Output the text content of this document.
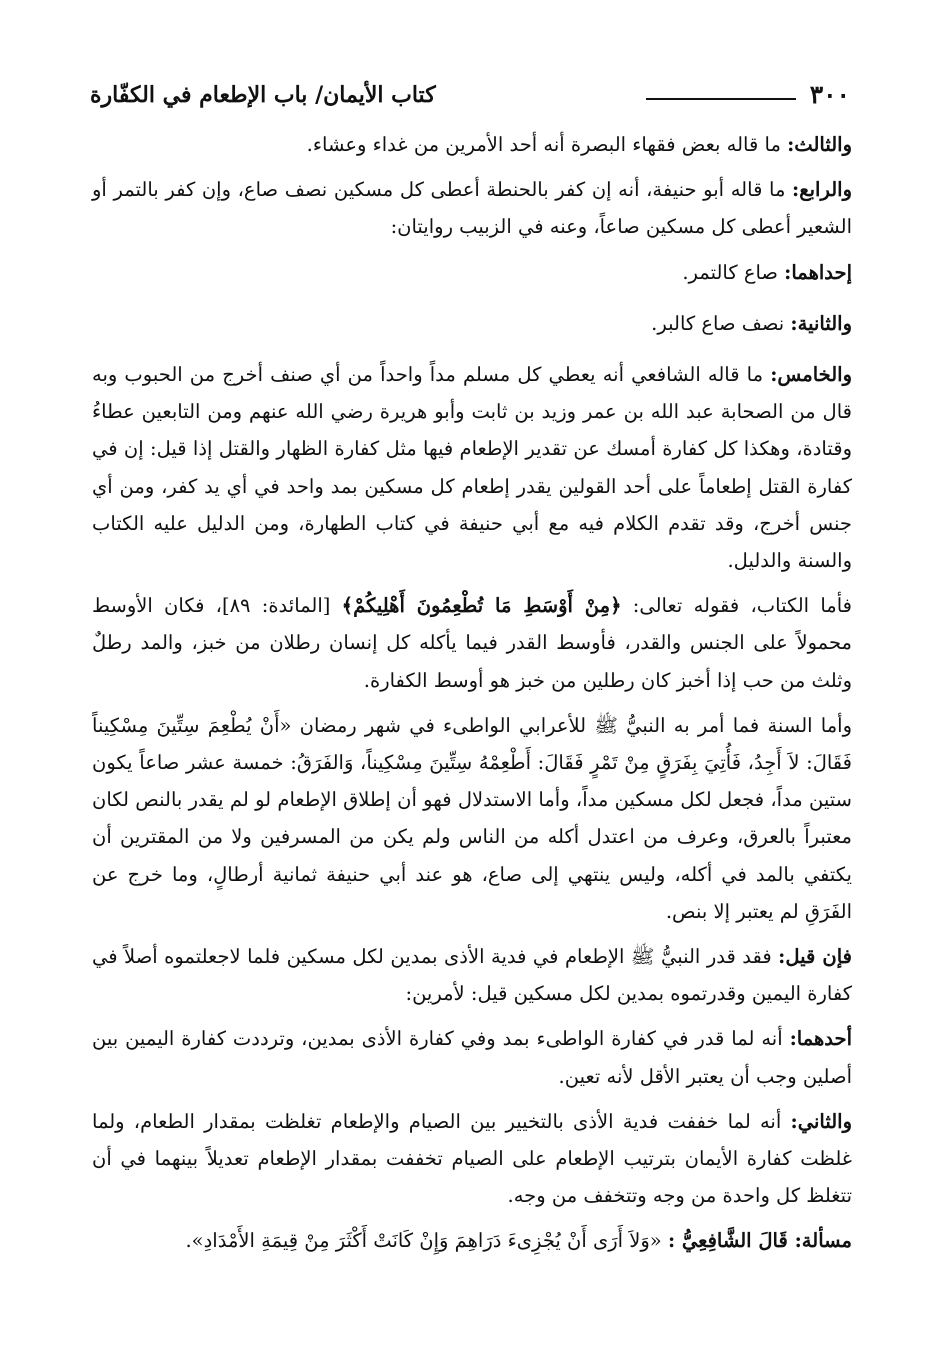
٣٠٠
كتاب الأيمان/ باب الإطعام في الكفّارة

والثالث: ما قاله بعض فقهاء البصرة أنه أحد الأمرين من غداء وعشاء.

والرابع: ما قاله أبو حنيفة، أنه إن كفر بالحنطة أعطى كل مسكين نصف صاع، وإن كفر بالتمر أو الشعير أعطى كل مسكين صاعاً، وعنه في الزبيب روايتان:

إحداهما: صاع كالتمر.

والثانية: نصف صاع كالبر.

والخامس: ما قاله الشافعي أنه يعطي كل مسلم مداً واحداً من أي صنف أخرج من الحبوب وبه قال من الصحابة عبد الله بن عمر وزيد بن ثابت وأبو هريرة رضي الله عنهم ومن التابعين عطاءُ وقتادة، وهكذا كل كفارة أمسك عن تقدير الإطعام فيها مثل كفارة الظهار والقتل إذا قيل: إن في كفارة القتل إطعاماً على أحد القولين يقدر إطعام كل مسكين بمد واحد في أي يد كفر، ومن أي جنس أخرج، وقد تقدم الكلام فيه مع أبي حنيفة في كتاب الطهارة، ومن الدليل عليه الكتاب والسنة والدليل.

فأما الكتاب، فقوله تعالى: ﴿مِنْ أَوْسَطِ مَا تُطْعِمُونَ أَهْلِيكُمْ﴾ [المائدة: ٨٩]، فكان الأوسط محمولاً على الجنس والقدر، فأوسط القدر فيما يأكله كل إنسان رطلان من خبز، والمد رطلٌ وثلث من حب إذا أخبز كان رطلين من خبز هو أوسط الكفارة.

وأما السنة فما أمر به النبيُّ ﷺ للأعرابي الواطىء في شهر رمضان «أَنْ يُطْعِمَ سِتِّينَ مِسْكِيناً فَقَالَ: لاَ أَجِدُ، فَأُتِيَ بِفَرَقٍ مِنْ تَمْرٍ فَقَالَ: أَطْعِمْهُ سِتِّينَ مِسْكِيناً، وَالفَرَقُ: خمسة عشر صاعاً يكون ستين مداً، فجعل لكل مسكين مداً، وأما الاستدلال فهو أن إطلاق الإطعام لو لم يقدر بالنص لكان معتبراً بالعرق، وعرف من اعتدل أكله من الناس ولم يكن من المسرفين ولا من المقترين أن يكتفي بالمد في أكله، وليس ينتهي إلى صاع، هو عند أبي حنيفة ثمانية أرطالٍ، وما خرج عن الفَرَقِ لم يعتبر إلا بنص.

فإن قيل: فقد قدر النبيُّ ﷺ الإطعام في فدية الأذى بمدين لكل مسكين فلما لاجعلتموه أصلاً في كفارة اليمين وقدرتموه بمدين لكل مسكين قيل: لأمرين:

أحدهما: أنه لما قدر في كفارة الواطىء بمد وفي كفارة الأذى بمدين، وترددت كفارة اليمين بين أصلين وجب أن يعتبر الأقل لأنه تعين.

والثاني: أنه لما خففت فدية الأذى بالتخيير بين الصيام والإطعام تغلظت بمقدار الطعام، ولما غلظت كفارة الأيمان بترتيب الإطعام على الصيام تخففت بمقدار الإطعام تعديلاً بينهما في أن تتغلظ كل واحدة من وجه وتتخفف من وجه.

مسألة: قَالَ الشَّافِعِيُّ : «وَلاَ أَرَى أَنْ يُجْزِىءَ دَرَاهِمَ وَإِنْ كَانَتْ أَكْثَرَ مِنْ قِيمَةِ الأَمْدَادِ».
